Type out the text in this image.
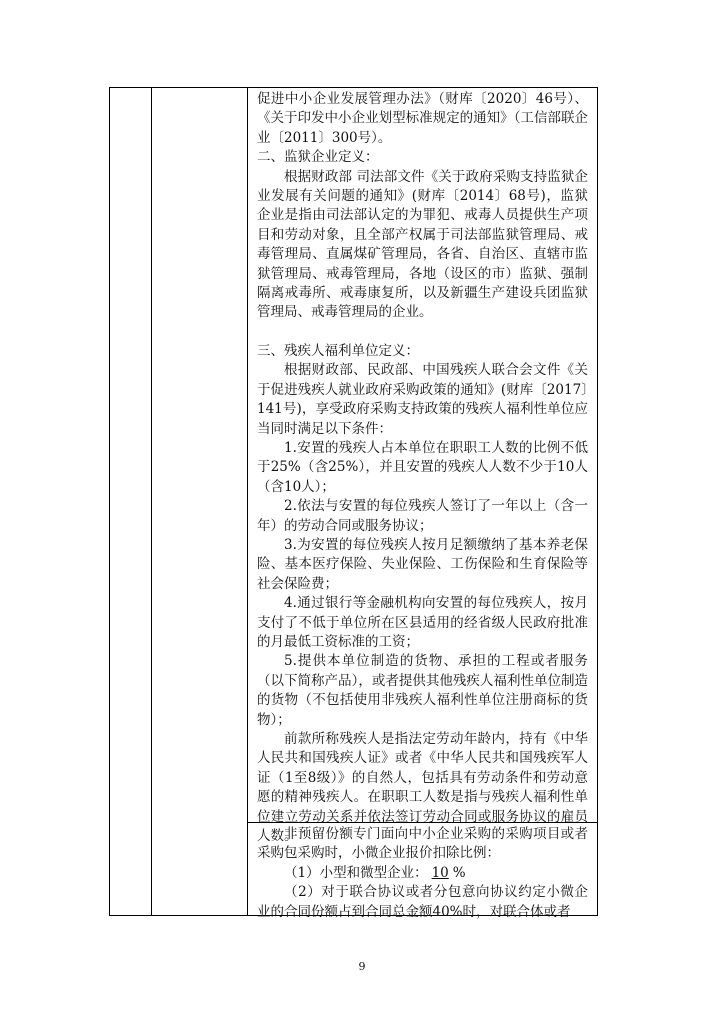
促进中小企业发展管理办法》（财库〔2020〕46号）、《关于印发中小企业划型标准规定的通知》（工信部联企业〔2011〕300号）。

二、监狱企业定义：

根据财政部 司法部文件《关于政府采购支持监狱企业发展有关问题的通知》(财库〔2014〕68号)，监狱企业是指由司法部认定的为罪犯、戒毒人员提供生产项目和劳动对象，且全部产权属于司法部监狱管理局、戒毒管理局、直属煤矿管理局，各省、自治区、直辖市监狱管理局、戒毒管理局，各地（设区的市）监狱、强制隔离戒毒所、戒毒康复所，以及新疆生产建设兵团监狱管理局、戒毒管理局的企业。

三、残疾人福利单位定义：

根据财政部、民政部、中国残疾人联合会文件《关于促进残疾人就业政府采购政策的通知》(财库〔2017〕141号)，享受政府采购支持政策的残疾人福利性单位应当同时满足以下条件：

1.安置的残疾人占本单位在职职工人数的比例不低于25%（含25%），并且安置的残疾人人数不少于10人（含10人）；

2.依法与安置的每位残疾人签订了一年以上（含一年）的劳动合同或服务协议；

3.为安置的每位残疾人按月足额缴纳了基本养老保险、基本医疗保险、失业保险、工伤保险和生育保险等社会保险费；

4.通过银行等金融机构向安置的每位残疾人，按月支付了不低于单位所在区县适用的经省级人民政府批准的月最低工资标准的工资；

5.提供本单位制造的货物、承担的工程或者服务（以下简称产品），或者提供其他残疾人福利性单位制造的货物（不包括使用非残疾人福利性单位注册商标的货物）；

前款所称残疾人是指法定劳动年龄内，持有《中华人民共和国残疾人证》或者《中华人民共和国残疾军人证（1至8级）》的自然人，包括具有劳动条件和劳动意愿的精神残疾人。在职职工人数是指与残疾人福利性单位建立劳动关系并依法签订劳动合同或服务协议的雇员人数。

非预留份额专门面向中小企业采购的采购项目或者采购包采购时，小微企业报价扣除比例：

（1）小型和微型企业： 10 %

（2）对于联合协议或者分包意向协议约定小微企业的合同份额占到合同总金额40%时，对联合体或者

9
